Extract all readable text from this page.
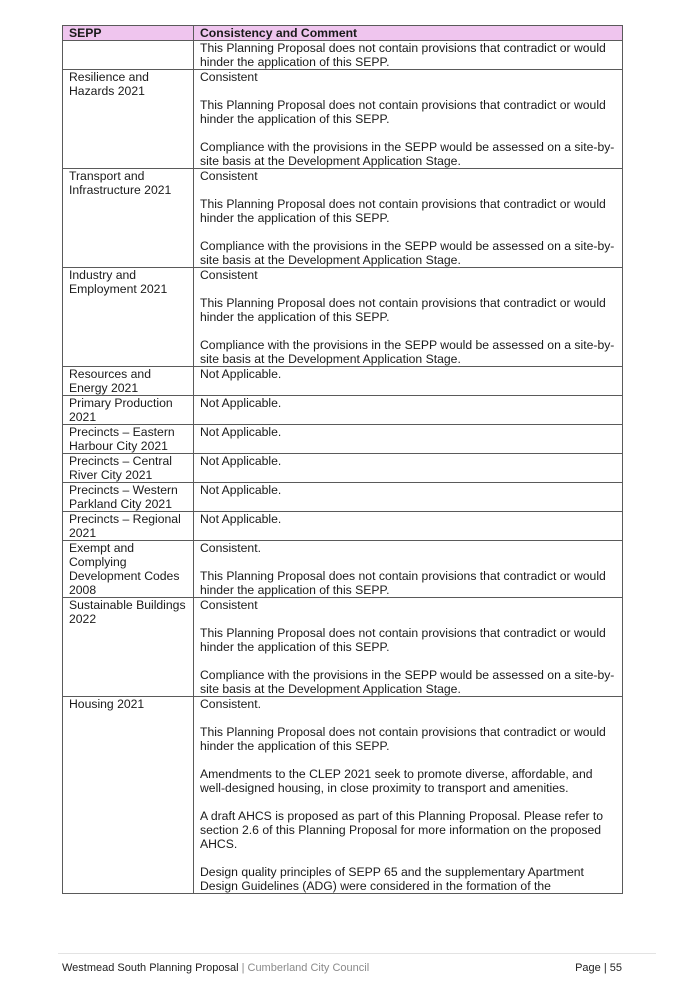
SEPP	Consistency and Comment

	This Planning Proposal does not contain provisions that contradict or would hinder the application of this SEPP.

Resilience and Hazards 2021	Consistent

This Planning Proposal does not contain provisions that contradict or would hinder the application of this SEPP.

Compliance with the provisions in the SEPP would be assessed on a site-by-site basis at the Development Application Stage.

Transport and Infrastructure 2021	Consistent

This Planning Proposal does not contain provisions that contradict or would hinder the application of this SEPP.

Compliance with the provisions in the SEPP would be assessed on a site-by-site basis at the Development Application Stage.

Industry and Employment 2021	Consistent

This Planning Proposal does not contain provisions that contradict or would hinder the application of this SEPP.

Compliance with the provisions in the SEPP would be assessed on a site-by-site basis at the Development Application Stage.

Resources and Energy 2021	Not Applicable.

Primary Production 2021	Not Applicable.

Precincts – Eastern Harbour City 2021	Not Applicable.

Precincts – Central River City 2021	Not Applicable.

Precincts – Western Parkland City 2021	Not Applicable.

Precincts – Regional 2021	Not Applicable.

Exempt and Complying Development Codes 2008	Consistent.

This Planning Proposal does not contain provisions that contradict or would hinder the application of this SEPP.

Sustainable Buildings 2022	Consistent

This Planning Proposal does not contain provisions that contradict or would hinder the application of this SEPP.

Compliance with the provisions in the SEPP would be assessed on a site-by-site basis at the Development Application Stage.

Housing 2021	Consistent.

This Planning Proposal does not contain provisions that contradict or would hinder the application of this SEPP.

Amendments to the CLEP 2021 seek to promote diverse, affordable, and well-designed housing, in close proximity to transport and amenities.

A draft AHCS is proposed as part of this Planning Proposal. Please refer to section 2.6 of this Planning Proposal for more information on the proposed AHCS.

Design quality principles of SEPP 65 and the supplementary Apartment Design Guidelines (ADG) were considered in the formation of the

Westmead South Planning Proposal | Cumberland City Council	Page | 55
